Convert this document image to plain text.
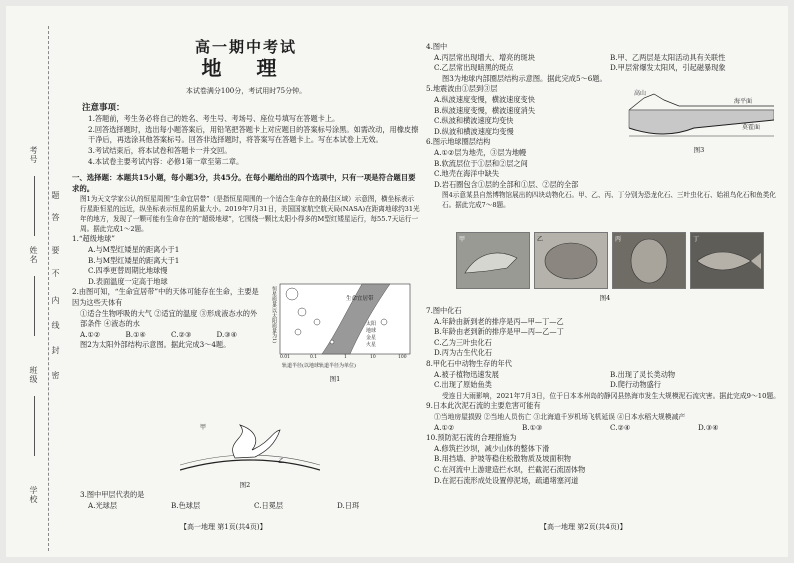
考号
姓名
班级
学校
题
答
要
不
内
线
封
密

高一期中考试

地 理

本试卷满分100分，考试用时75分钟。

注意事项：

1.答题前，考生务必将自己的姓名、考生号、考场号、座位号填写在答题卡上。

2.回答选择题时，选出每小题答案后，用铅笔把答题卡上对应题目的答案标号涂黑。如需改动，用橡皮擦干净后，再选涂其他答案标号。回答非选择题时，将答案写在答题卡上。写在本试卷上无效。

3.考试结束后，将本试卷和答题卡一并交回。

4.本试卷主要考试内容：必修1第一章至第二章。

一、选择题：本题共15小题，每小题3分，共45分。在每小题给出的四个选项中，只有一项是符合题目要求的。

图1为天文学家公认的恒星周围“生命宜居带”（是指恒星周围的一个适合生命存在的最佳区域）示意图，横坐标表示行星距恒星的远近，纵坐标表示恒星的质量大小。2019年7月31日，美国国家航空航天局(NASA)在距离地球约31光年的地方，发现了一颗可能有生命存在的“超级地球”，它围绕一颗比太阳小得多的M型红矮星运行，每55.7天运行一周。据此完成1～2题。

1.“超级地球”

A.与M型红矮星的距离小于1

B.与M型红矮星的距离大于1

C.四季更替周期比地球慢

D.表面温度一定高于地球

2.由图可知，“生命宜居带”中的天体可能存在生命，主要是因为这些天体有

①适合生物呼吸的大气 ②适宜的温度 ③形成液态水的外部条件 ④液态的水

A.①②	B.①④	C.②③	D.③④

图2为太阳外部结构示意图。据此完成3～4题。

恒星质量(以太阳质量为1)	生命宜居带
太阳
地球
金星
火星
0.01	0.1	1	10	100
轨道半径(以地球轨道半径为单位)
图1
甲
乙
图2

3.图中甲层代表的是

A.光球层	B.色球层	C.日冕层	D.日珥
【高一地理 第1页(共4页)】

4.图中

A.丙层常出现增大、增亮的斑块	B.甲、乙两层是太阳活动具有关联性
C.乙层常出现暗黑的斑点	D.甲层常爆发太阳风，引起磁暴现象

图3为地球内部圈层结构示意图。据此完成5～6题。

5.地震波由①层到③层

A.纵波速度变慢，横波速度变快

B.纵波速度变慢，横波速度消失

C.纵波和横波速度均变快

D.纵波和横波速度均变慢

6.图示地球圈层结构

A.①②层为地壳，③层为地幔

B.软流层位于①层和②层之间

C.地壳在海洋中缺失

D.岩石圈包含①层的全部和①层、②层的全部

图4示意某县自然博物馆展出的四块动物化石。甲、乙、丙、丁分别为恐龙化石、三叶虫化石、始祖鸟化石和鱼类化石。据此完成7～8题。

高山
海平面
莫霍面
图3
甲	乙	丙	丁
图4

7.图中化石

A.年龄由新到老的排序是丙—甲—丁—乙

B.年龄由老到新的排序是甲—丙—乙—丁

C.乙为三叶虫化石

D.丙为古生代化石

8.甲化石中动物生存的年代

A.被子植物迅速发展	B.出现了灵长类动物
C.出现了原始鱼类	D.爬行动物盛行

受连日大雨影响，2021年7月3日，位于日本本州岛的静冈县热海市发生大规模泥石流灾害。据此完成9～10题。

9.日本此次泥石流的主要危害可能有

①当地房屋损毁 ②当地人员伤亡 ③北海道千岁机场飞机延误 ④日本水稻大规模减产

A.①②	B.①③	C.②④	D.③④

10.预防泥石流的合理措施为

A.修筑拦沙坝，减少山体的整体下滑

B.用挡墙、护坡等稳住松散物质及坡面积物

C.在河流中上游建造拦水坝，拦截泥石流固体物

D.在泥石流形成处设置停泥场，疏通堵塞河道

【高一地理 第2页(共4页)】
